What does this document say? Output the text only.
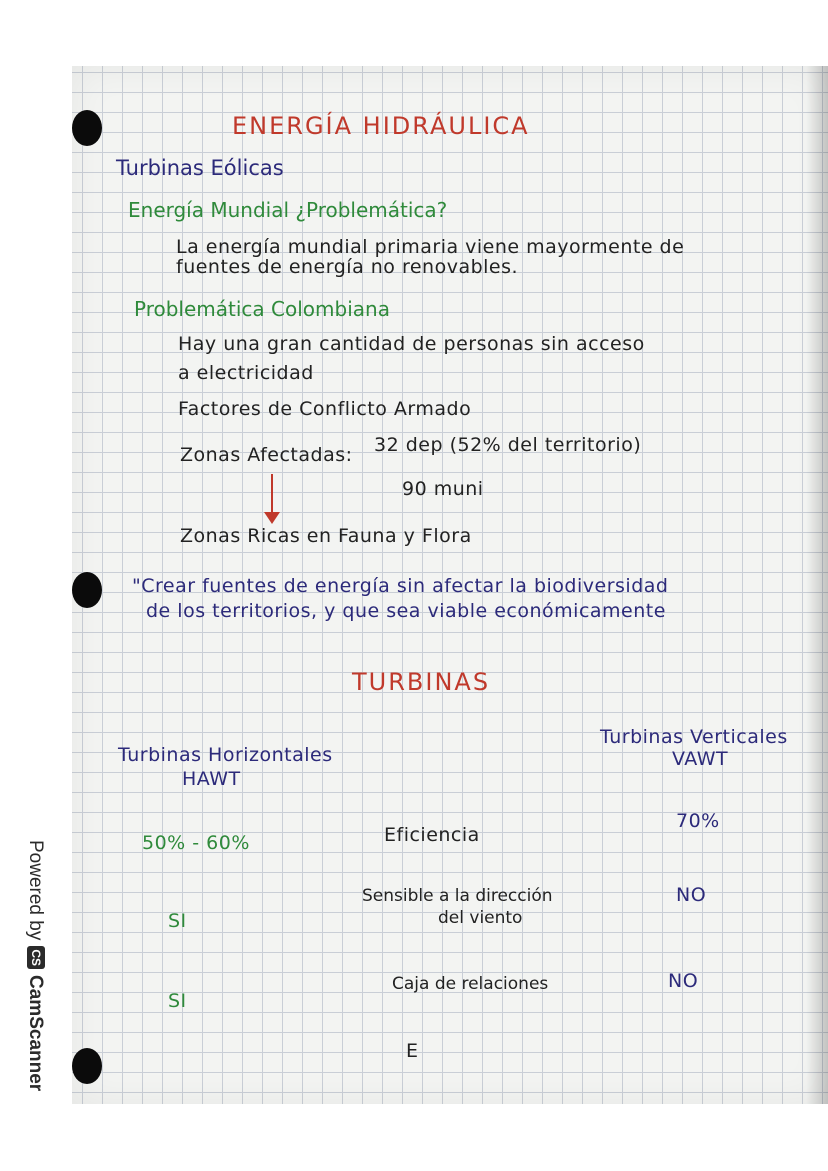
ENERGÍA HIDRÁULICA
Turbinas Eólicas
Energía Mundial ¿Problemática?
La energía mundial primaria viene mayormente de
fuentes de energía no renovables.
Problemática Colombiana
Hay una gran cantidad de personas sin acceso
a electricidad
Factores de Conflicto Armado
Zonas Afectadas: 32 dep (52% del territorio)
90 muni
Zonas Ricas en Fauna y Flora
"Crear fuentes de energía sin afectar la biodiversidad
de los territorios, y que sea viable económicamente
TURBINAS
Turbinas Horizontales
HAWT
Turbinas Verticales
VAWT
50% - 60%	Eficiencia
70%
SI
Sensible a la dirección
del viento
NO
SI
Caja de relaciones	NO
E
Powered byCSCamScanner
